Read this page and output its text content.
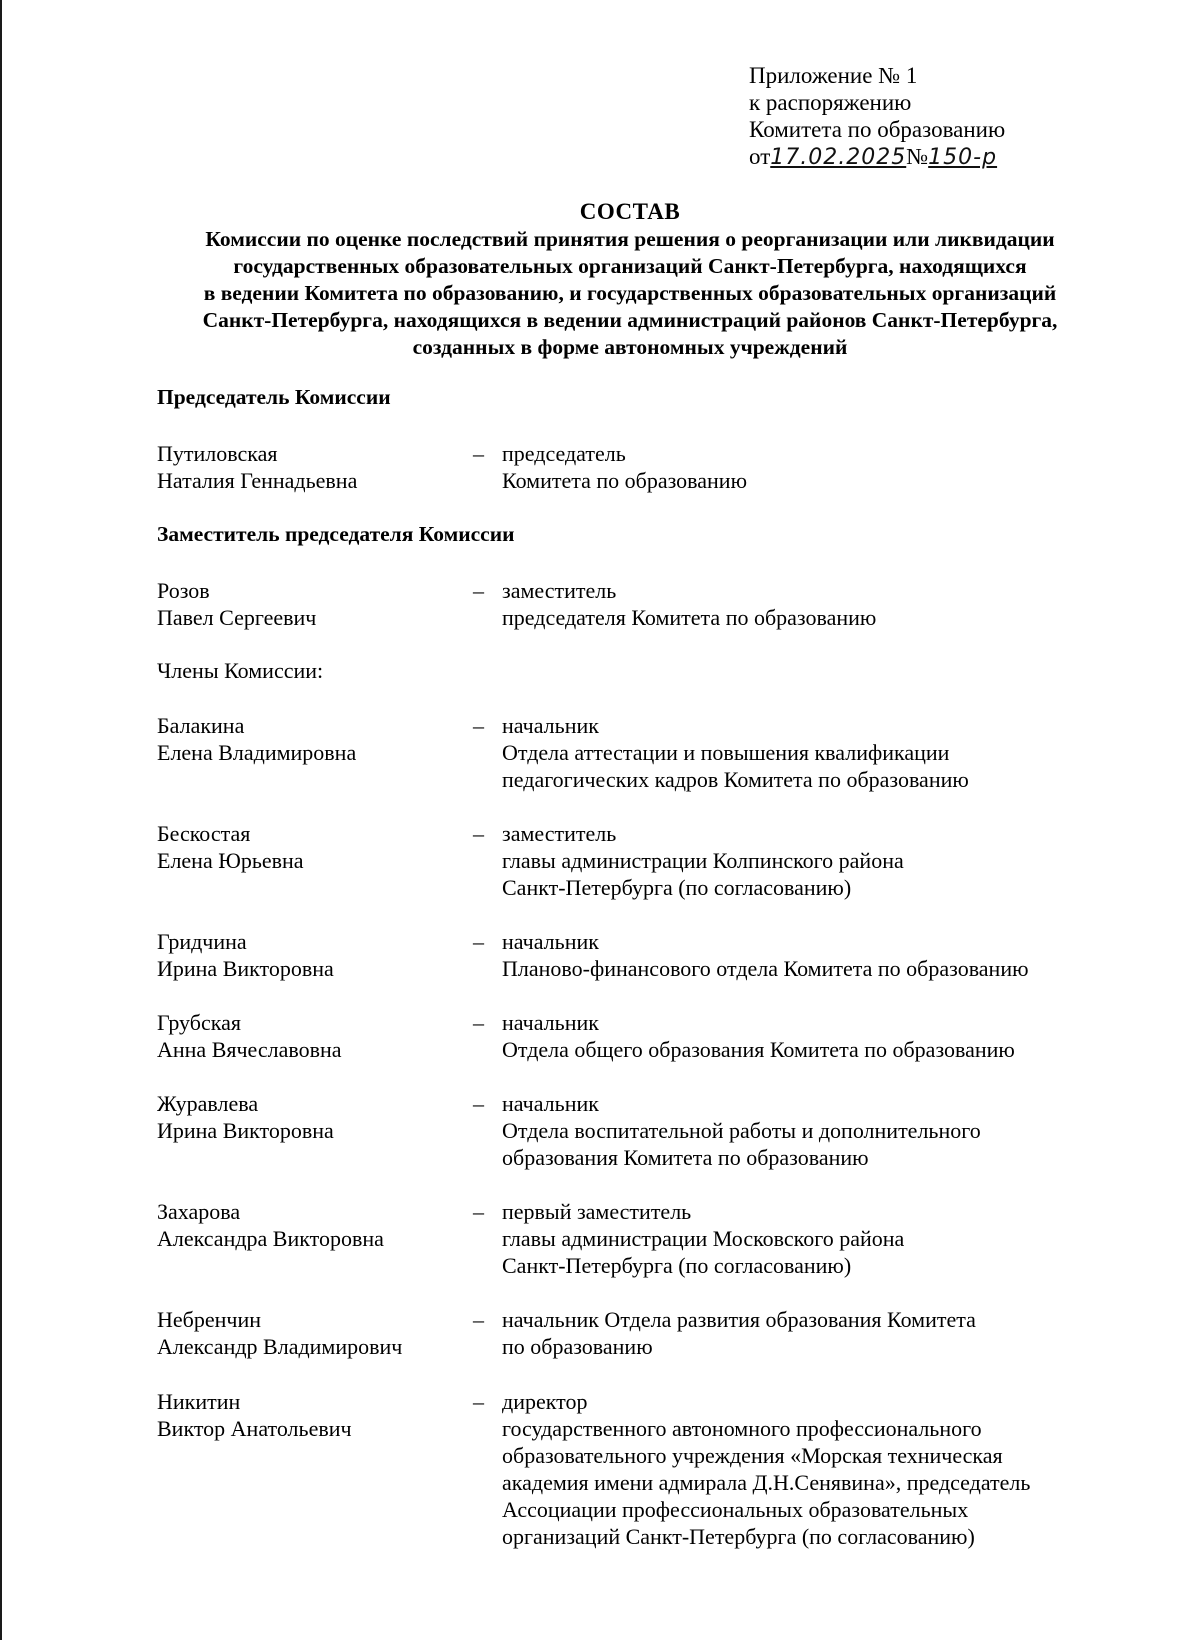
Приложение № 1
к распоряжению
Комитета по образованию
от17.02.2025№150-р
СОСТАВ
Комиссии по оценке последствий принятия решения о реорганизации или ликвидации
государственных образовательных организаций Санкт-Петербурга, находящихся
в ведении Комитета по образованию, и государственных образовательных организаций
Санкт-Петербурга, находящихся в ведении администраций районов Санкт-Петербурга,
созданных в форме автономных учреждений
Председатель Комиссии
Путиловская
Наталия Геннадьевна
– председатель
Комитета по образованию
Заместитель председателя Комиссии
Розов
Павел Сергеевич
– заместитель
председателя Комитета по образованию
Члены Комиссии:
Балакина
Елена Владимировна
– начальник
Отдела аттестации и повышения квалификации
педагогических кадров Комитета по образованию
Бескостая
Елена Юрьевна
– заместитель
главы администрации Колпинского района
Санкт-Петербурга (по согласованию)
Гридчина
Ирина Викторовна
– начальник
Планово-финансового отдела Комитета по образованию
Грубская
Анна Вячеславовна
– начальник
Отдела общего образования Комитета по образованию
Журавлева
Ирина Викторовна
– начальник
Отдела воспитательной работы и дополнительного
образования Комитета по образованию
Захарова
Александра Викторовна
– первый заместитель
главы администрации Московского района
Санкт-Петербурга (по согласованию)
Небренчин
Александр Владимирович
– начальник Отдела развития образования Комитета
по образованию
Никитин
Виктор Анатольевич
– директор
государственного автономного профессионального
образовательного учреждения «Морская техническая
академия имени адмирала Д.Н.Сенявина», председатель
Ассоциации профессиональных образовательных
организаций Санкт-Петербурга (по согласованию)
